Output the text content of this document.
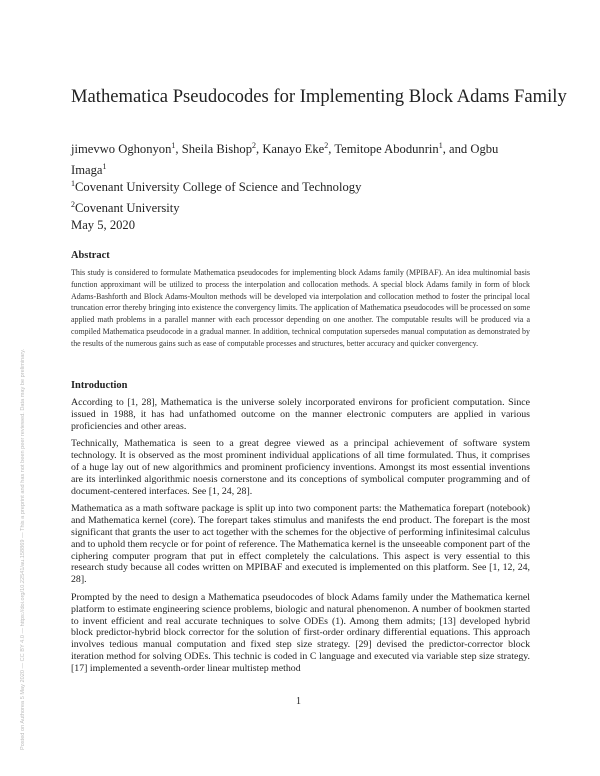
Mathematica Pseudocodes for Implementing Block Adams Family
jimevwo Oghonyon$^1$, Sheila Bishop$^2$, Kanayo Eke$^2$, Temitope Abodunrin$^1$, and Ogbu Imaga$^1$
$^1$Covenant University College of Science and Technology
$^2$Covenant University
May 5, 2020
Abstract
This study is considered to formulate Mathematica pseudocodes for implementing block Adams family (MPIBAF). An idea multinomial basis function approximant will be utilized to process the interpolation and collocation methods. A special block Adams family in form of block Adams-Bashforth and Block Adams-Moulton methods will be developed via interpolation and collocation method to foster the principal local truncation error thereby bringing into existence the convergency limits. The application of Mathematica pseudocodes will be processed on some applied math problems in a parallel manner with each processor depending on one another. The computable results will be produced via a compiled Mathematica pseudocode in a gradual manner. In addition, technical computation supersedes manual computation as demonstrated by the results of the numerous gains such as ease of computable processes and structures, better accuracy and quicker convergency.
Introduction

According to [1, 28], Mathematica is the universe solely incorporated environs for proficient computation. Since issued in 1988, it has had unfathomed outcome on the manner electronic computers are applied in various proficiencies and other areas.

Technically, Mathematica is seen to a great degree viewed as a principal achievement of software system technology. It is observed as the most prominent individual applications of all time formulated. Thus, it comprises of a huge lay out of new algorithmics and prominent proficiency inventions. Amongst its most essential inventions are its interlinked algorithmic noesis cornerstone and its conceptions of symbolical computer programming and of document-centered interfaces. See [1, 24, 28].

Mathematica as a math software package is split up into two component parts: the Mathematica forepart (notebook) and Mathematica kernel (core). The forepart takes stimulus and manifests the end product. The forepart is the most significant that grants the user to act together with the schemes for the objective of performing infinitesimal calculus and to uphold them recycle or for point of reference. The Mathematica kernel is the unseeable component part of the ciphering computer program that put in effect completely the calculations. This aspect is very essential to this research study because all codes written on MPIBAF and executed is implemented on this platform. See [1, 12, 24, 28].

Prompted by the need to design a Mathematica pseudocodes of block Adams family under the Mathematica kernel platform to estimate engineering science problems, biologic and natural phenomenon. A number of bookmen started to invent efficient and real accurate techniques to solve ODEs (1). Among them admits; [13] developed hybrid block predictor-hybrid block corrector for the solution of first-order ordinary differential equations. This approach involves tedious manual computation and fixed step size strategy. [29] devised the predictor-corrector block iteration method for solving ODEs. This technic is coded in C language and executed via variable step size strategy. [17] implemented a seventh-order linear multistep method

1
Posted on Authorea 5 May 2020 — CC BY 4.0 — https://doi.org/10.22541/au.158869 — This a preprint and has not been peer reviewed. Data may be preliminary.
